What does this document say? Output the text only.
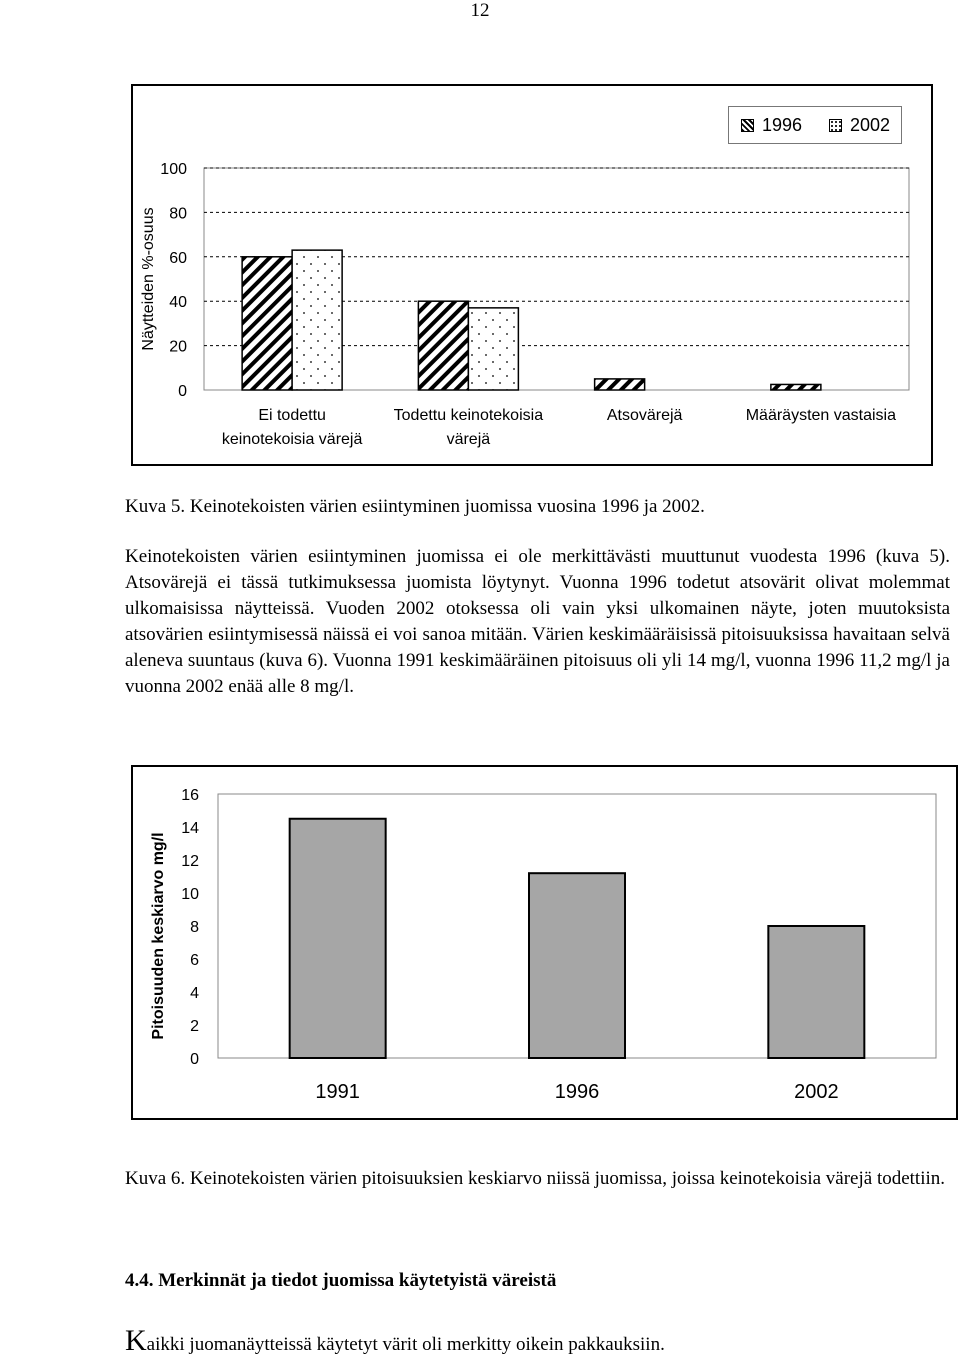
12
0
20
40
60
80
100
Näytteiden %-osuus
Ei todettu
keinotekoisia värejä
Todettu keinotekoisia
värejä
Atsovärejä	Määräysten vastaisia
1996	2002
Kuva 5. Keinotekoisten värien esiintyminen juomissa vuosina 1996 ja 2002.
Keinotekoisten värien esiintyminen juomissa ei ole merkittävästi muuttunut vuodesta 1996 (kuva 5). Atsovärejä ei tässä tutkimuksessa juomista löytynyt. Vuonna 1996 todetut atsovärit olivat molemmat ulkomaisissa näytteissä. Vuoden 2002 otoksessa oli vain yksi ulkomainen näyte, joten muutoksista atsovärien esiintymisessä näissä ei voi sanoa mitään. Värien keskimääräisissä pitoisuuksissa havaitaan selvä aleneva suuntaus (kuva 6). Vuonna 1991 keskimääräinen pitoisuus oli yli 14 mg/l, vuonna 1996 11,2 mg/l ja vuonna 2002 enää alle 8 mg/l.
0
2
4
6
8
10
12
14
16
Pitoisuuden keskiarvo mg/l
1991	1996	2002
Kuva 6. Keinotekoisten värien pitoisuuksien keskiarvo niissä juomissa, joissa keinotekoisia värejä todettiin.
4.4. Merkinnät ja tiedot juomissa käytetyistä väreistä
Kaikki juomanäytteissä käytetyt värit oli merkitty oikein pakkauksiin.
